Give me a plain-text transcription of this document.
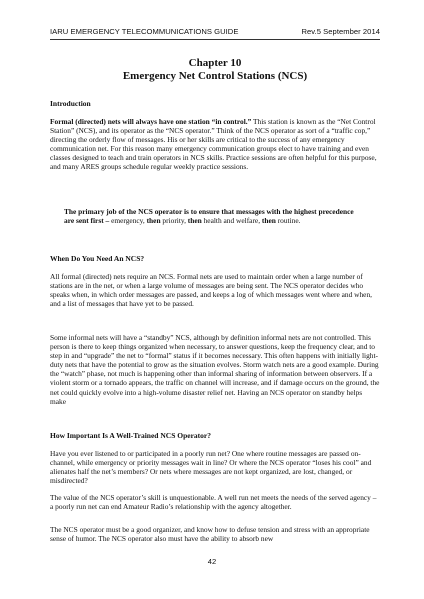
IARU EMERGENCY TELECOMMUNICATIONS GUIDE	Rev.5 September 2014
Chapter 10
Emergency Net Control Stations (NCS)
Introduction

Formal (directed) nets will always have one station “in control.” This station is known as the “Net Control Station” (NCS), and its operator as the “NCS operator.” Think of the NCS operator as sort of a “traffic cop,” directing the orderly flow of messages. His or her skills are critical to the success of any emergency communication net. For this reason many emergency communication groups elect to have training and even classes designed to teach and train operators in NCS skills. Practice sessions are often helpful for this purpose, and many ARES groups schedule regular weekly practice sessions.

The primary job of the NCS operator is to ensure that messages with the highest precedence are sent first – emergency, then priority, then health and welfare, then routine.

When Do You Need An NCS?

All formal (directed) nets require an NCS. Formal nets are used to maintain order when a large number of stations are in the net, or when a large volume of messages are being sent. The NCS operator decides who speaks when, in which order messages are passed, and keeps a log of which messages went where and when, and a list of messages that have yet to be passed.

Some informal nets will have a “standby” NCS, although by definition informal nets are not controlled. This person is there to keep things organized when necessary, to answer questions, keep the frequency clear, and to step in and “upgrade” the net to “formal” status if it becomes necessary. This often happens with initially light-duty nets that have the potential to grow as the situation evolves. Storm watch nets are a good example. During the “watch” phase, not much is happening other than informal sharing of information between observers. If a violent storm or a tornado appears, the traffic on channel will increase, and if damage occurs on the ground, the net could quickly evolve into a high-volume disaster relief net. Having an NCS operator on standby helps make

How Important Is A Well-Trained NCS Operator?

Have you ever listened to or participated in a poorly run net? One where routine messages are passed on-channel, while emergency or priority messages wait in line? Or where the NCS operator “loses his cool” and alienates half the net’s members? Or nets where messages are not kept organized, are lost, changed, or misdirected?

The value of the NCS operator’s skill is unquestionable. A well run net meets the needs of the served agency – a poorly run net can end Amateur Radio’s relationship with the agency altogether.

The NCS operator must be a good organizer, and know how to defuse tension and stress with an appropriate sense of humor. The NCS operator also must have the ability to absorb new

42
